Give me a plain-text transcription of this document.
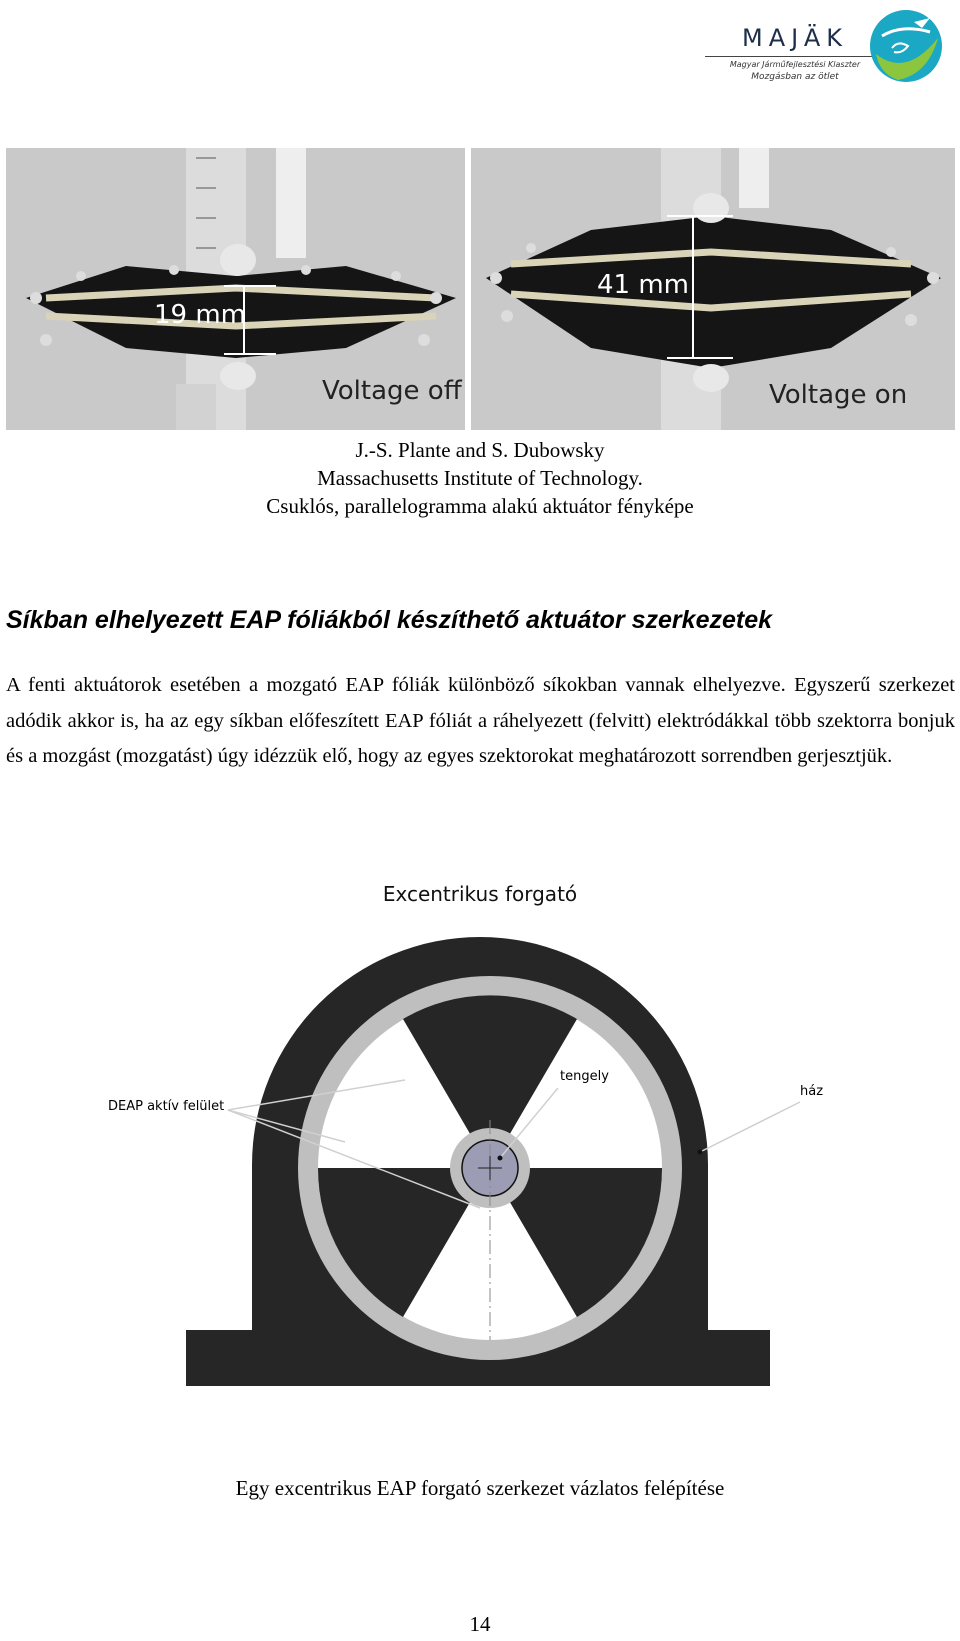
MAJÄK
Magyar Járműfejlesztési Klaszter
Mozgásban az ötlet
19 mm
Voltage off
41 mm
Voltage on
J.-S. Plante and S. Dubowsky
Massachusetts Institute of Technology.
Csuklós, parallelogramma alakú aktuátor fényképe
Síkban elhelyezett EAP fóliákból készíthető aktuátor szerkezetek
A fenti aktuátorok esetében a mozgató EAP fóliák különböző síkokban vannak elhelyezve. Egyszerű szerkezet adódik akkor is, ha az egy síkban előfeszített EAP fóliát a ráhelyezett (felvitt) elektródákkal több szektorra bonjuk és a mozgást (mozgatást) úgy idézzük elő, hogy az egyes szektorokat meghatározott sorrendben gerjesztjük.
Excentrikus forgató
DEAP aktív felület
tengely
ház
Egy excentrikus EAP forgató szerkezet vázlatos felépítése
14
